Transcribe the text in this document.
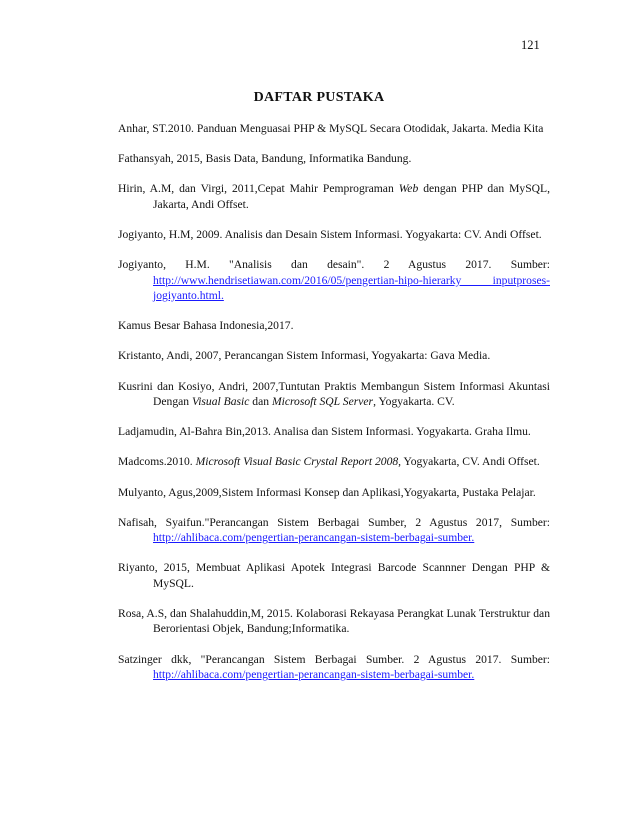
121
DAFTAR PUSTAKA
Anhar, ST.2010. Panduan Menguasai PHP & MySQL Secara Otodidak, Jakarta. Media Kita
Fathansyah, 2015, Basis Data, Bandung, Informatika Bandung.
Hirin, A.M, dan Virgi, 2011,Cepat Mahir Pemprograman Web dengan PHP dan MySQL, Jakarta, Andi Offset.
Jogiyanto, H.M, 2009. Analisis dan Desain Sistem Informasi. Yogyakarta: CV. Andi Offset.
Jogiyanto, H.M. "Analisis dan desain". 2 Agustus 2017. Sumber: http://www.hendrisetiawan.com/2016/05/pengertian-hipo-hierarky inputproses-jogiyanto.html.
Kamus Besar Bahasa Indonesia,2017.
Kristanto, Andi, 2007, Perancangan Sistem Informasi, Yogyakarta: Gava Media.
Kusrini dan Kosiyo, Andri, 2007,Tuntutan Praktis Membangun Sistem Informasi Akuntasi Dengan Visual Basic dan Microsoft SQL Server, Yogyakarta. CV.
Ladjamudin, Al-Bahra Bin,2013. Analisa dan Sistem Informasi. Yogyakarta. Graha Ilmu.
Madcoms.2010. Microsoft Visual Basic Crystal Report 2008, Yogyakarta, CV. Andi Offset.
Mulyanto, Agus,2009,Sistem Informasi Konsep dan Aplikasi,Yogyakarta, Pustaka Pelajar.
Nafisah, Syaifun."Perancangan Sistem Berbagai Sumber, 2 Agustus 2017, Sumber: http://ahlibaca.com/pengertian-perancangan-sistem-berbagai-sumber.
Riyanto, 2015, Membuat Aplikasi Apotek Integrasi Barcode Scannner Dengan PHP & MySQL.
Rosa, A.S, dan Shalahuddin,M, 2015. Kolaborasi Rekayasa Perangkat Lunak Terstruktur dan Berorientasi Objek, Bandung;Informatika.
Satzinger dkk, "Perancangan Sistem Berbagai Sumber. 2 Agustus 2017. Sumber: http://ahlibaca.com/pengertian-perancangan-sistem-berbagai-sumber.
